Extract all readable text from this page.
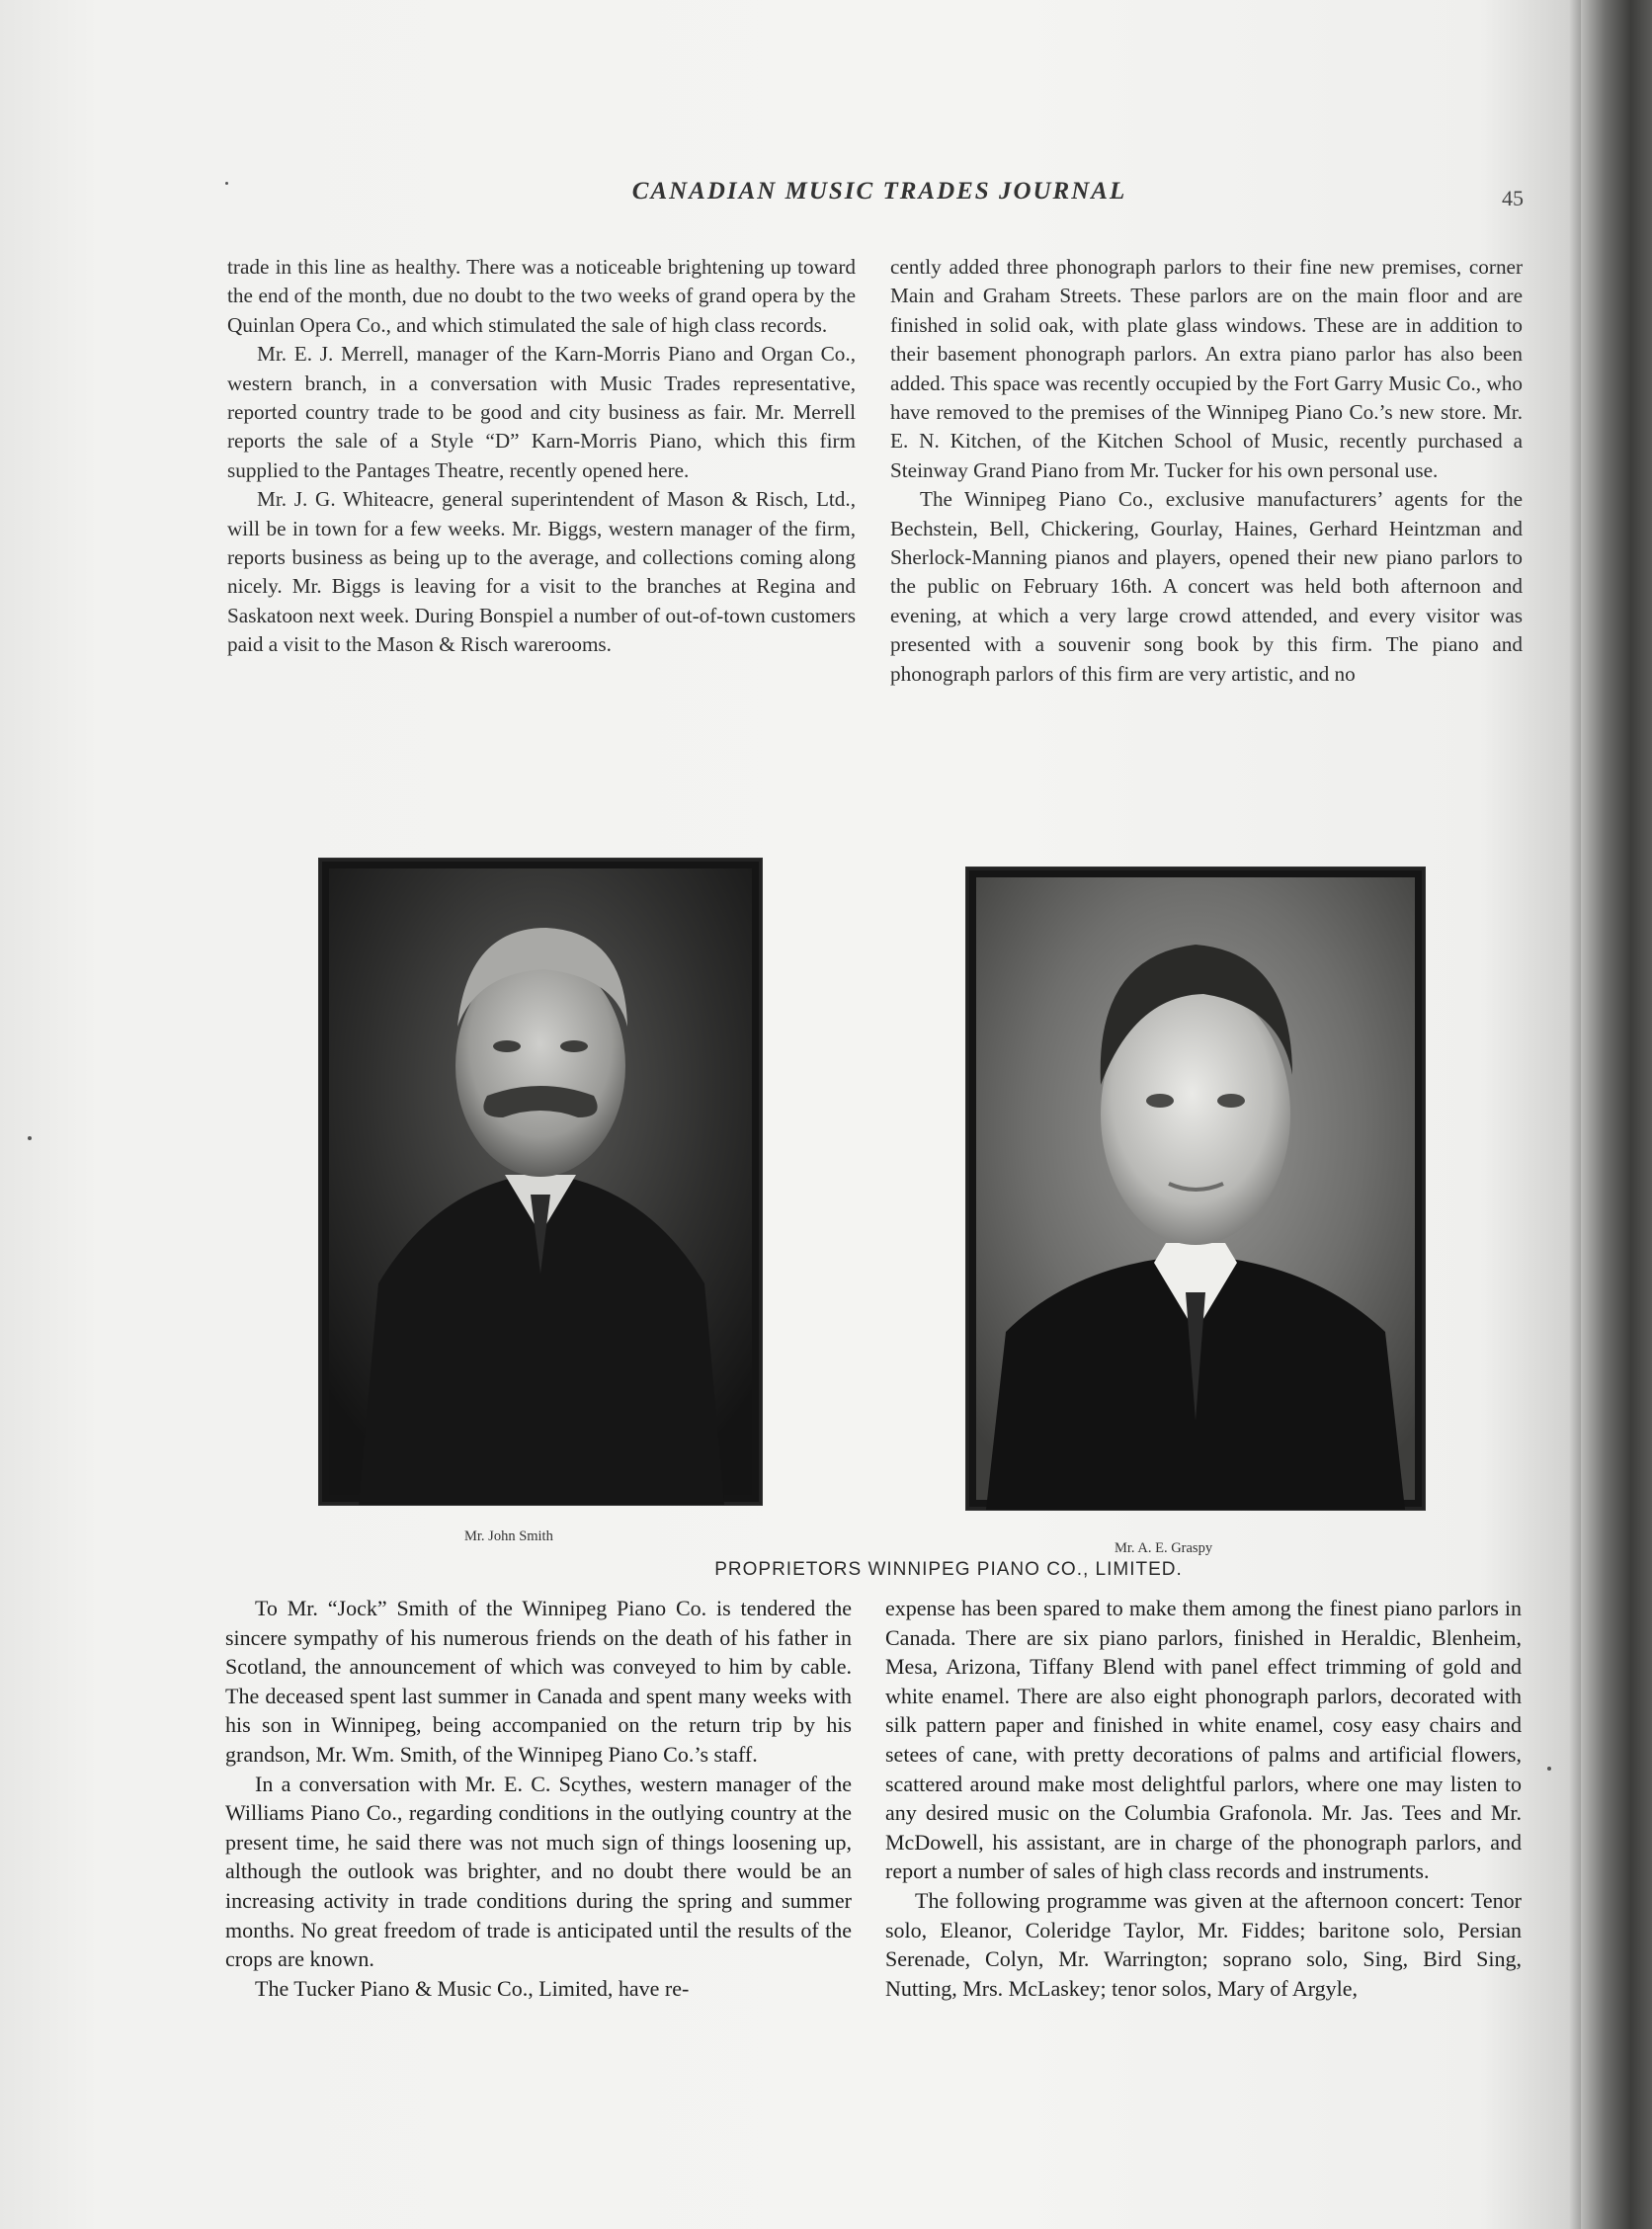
CANADIAN MUSIC TRADES JOURNAL	45

trade in this line as healthy. There was a noticeable brightening up toward the end of the month, due no doubt to the two weeks of grand opera by the Quinlan Opera Co., and which stimulated the sale of high class records.

Mr. E. J. Merrell, manager of the Karn-Morris Piano and Organ Co., western branch, in a conversation with Music Trades representative, reported country trade to be good and city business as fair. Mr. Merrell reports the sale of a Style “D” Karn-Morris Piano, which this firm supplied to the Pantages Theatre, recently opened here.

Mr. J. G. Whiteacre, general superintendent of Mason & Risch, Ltd., will be in town for a few weeks. Mr. Biggs, western manager of the firm, reports business as being up to the average, and collections coming along nicely. Mr. Biggs is leaving for a visit to the branches at Regina and Saskatoon next week. During Bonspiel a number of out-of-town customers paid a visit to the Mason & Risch warerooms.

cently added three phonograph parlors to their fine new premises, corner Main and Graham Streets. These parlors are on the main floor and are finished in solid oak, with plate glass windows. These are in addition to their basement phonograph parlors. An extra piano parlor has also been added. This space was recently occupied by the Fort Garry Music Co., who have removed to the premises of the Winnipeg Piano Co.’s new store. Mr. E. N. Kitchen, of the Kitchen School of Music, recently purchased a Steinway Grand Piano from Mr. Tucker for his own personal use.

The Winnipeg Piano Co., exclusive manufacturers’ agents for the Bechstein, Bell, Chickering, Gourlay, Haines, Gerhard Heintzman and Sherlock-Manning pianos and players, opened their new piano parlors to the public on February 16th. A concert was held both afternoon and evening, at which a very large crowd attended, and every visitor was presented with a souvenir song book by this firm. The piano and phonograph parlors of this firm are very artistic, and no

Mr. John Smith
Mr. A. E. Graspy
PROPRIETORS WINNIPEG PIANO CO., LIMITED.

To Mr. “Jock” Smith of the Winnipeg Piano Co. is tendered the sincere sympathy of his numerous friends on the death of his father in Scotland, the announcement of which was conveyed to him by cable. The deceased spent last summer in Canada and spent many weeks with his son in Winnipeg, being accompanied on the return trip by his grandson, Mr. Wm. Smith, of the Winnipeg Piano Co.’s staff.

In a conversation with Mr. E. C. Scythes, western manager of the Williams Piano Co., regarding conditions in the outlying country at the present time, he said there was not much sign of things loosening up, although the outlook was brighter, and no doubt there would be an increasing activity in trade conditions during the spring and summer months. No great freedom of trade is anticipated until the results of the crops are known.

The Tucker Piano & Music Co., Limited, have re-

expense has been spared to make them among the finest piano parlors in Canada. There are six piano parlors, finished in Heraldic, Blenheim, Mesa, Arizona, Tiffany Blend with panel effect trimming of gold and white enamel. There are also eight phonograph parlors, decorated with silk pattern paper and finished in white enamel, cosy easy chairs and setees of cane, with pretty decorations of palms and artificial flowers, scattered around make most delightful parlors, where one may listen to any desired music on the Columbia Grafonola. Mr. Jas. Tees and Mr. McDowell, his assistant, are in charge of the phonograph parlors, and report a number of sales of high class records and instruments.

The following programme was given at the afternoon concert: Tenor solo, Eleanor, Coleridge Taylor, Mr. Fiddes; baritone solo, Persian Serenade, Colyn, Mr. Warrington; soprano solo, Sing, Bird Sing, Nutting, Mrs. McLaskey; tenor solos, Mary of Argyle,
